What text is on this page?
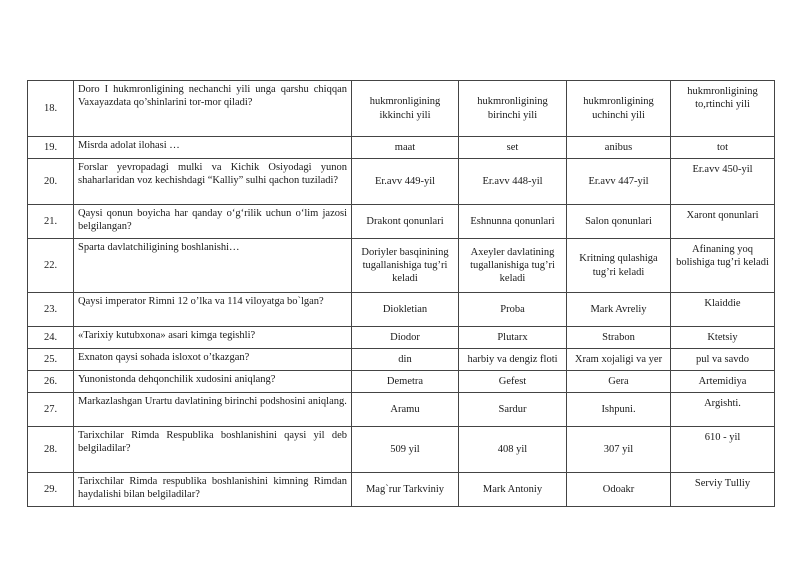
18.	Doro I hukmronligining nechanchi yili unga qarshu chiqqan Vaxayazdata qo’shinlarini tor-mor qiladi?	hukmronligining ikkinchi yili	hukmronligining birinchi yili	hukmronligining uchinchi yili	hukmronligining to,rtinchi yili
19.	Misrda adolat ilohasi …	maat	set	anibus	tot
20.	Forslar yevropadagi mulki va Kichik Osiyodagi yunon shaharlaridan voz kechishdagi “Kalliy” sulhi qachon tuziladi?	Er.avv 449-yil	Er.avv 448-yil	Er.avv 447-yil	Er.avv 450-yil
21.	Qaysi qonun boyicha har qanday o‘g‘rilik uchun o‘lim jazosi belgilangan?	Drakont qonunlari	Eshnunna qonunlari	Salon qonunlari	Xaront qonunlari
22.	Sparta davlatchiligining boshlanishi…	Doriyler basqinining tugallanishiga tug’ri keladi	Axeyler davlatining tugallanishiga tug’ri keladi	Kritning qulashiga tug’ri keladi	Afinaning yoq bolishiga tug’ri keladi
23.	Qaysi imperator Rimni 12 o’lka va 114 viloyatga bo`lgan?	Diokletian	Proba	Mark Avreliy	Klaiddie
24.	«Tarixiy kutubxona» asari kimga tegishli?	Diodor	Plutarx	Strabon	Ktetsiy
25.	Exnaton qaysi sohada isloxot o’tkazgan?	din	harbiy va dengiz floti	Xram xojaligi va yer	pul va savdo
26.	Yunonistonda dehqonchilik xudosini aniqlang?	Demetra	Gefest	Gera	Artemidiya
27.	Markazlashgan Urartu davlatining birinchi podshosini aniqlang.	Aramu	Sardur	Ishpuni.	Argishti.
28.	Tarixchilar Rimda Respublika boshlanishini qaysi yil deb belgiladilar?	509 yil	408 yil	307 yil	610 - yil
29.	Tarixchilar Rimda respublika boshlanishini kimning Rimdan haydalishi bilan belgiladilar?	Mag`rur Tarkviniy	Mark Antoniy	Odoakr	Serviy Tulliy
